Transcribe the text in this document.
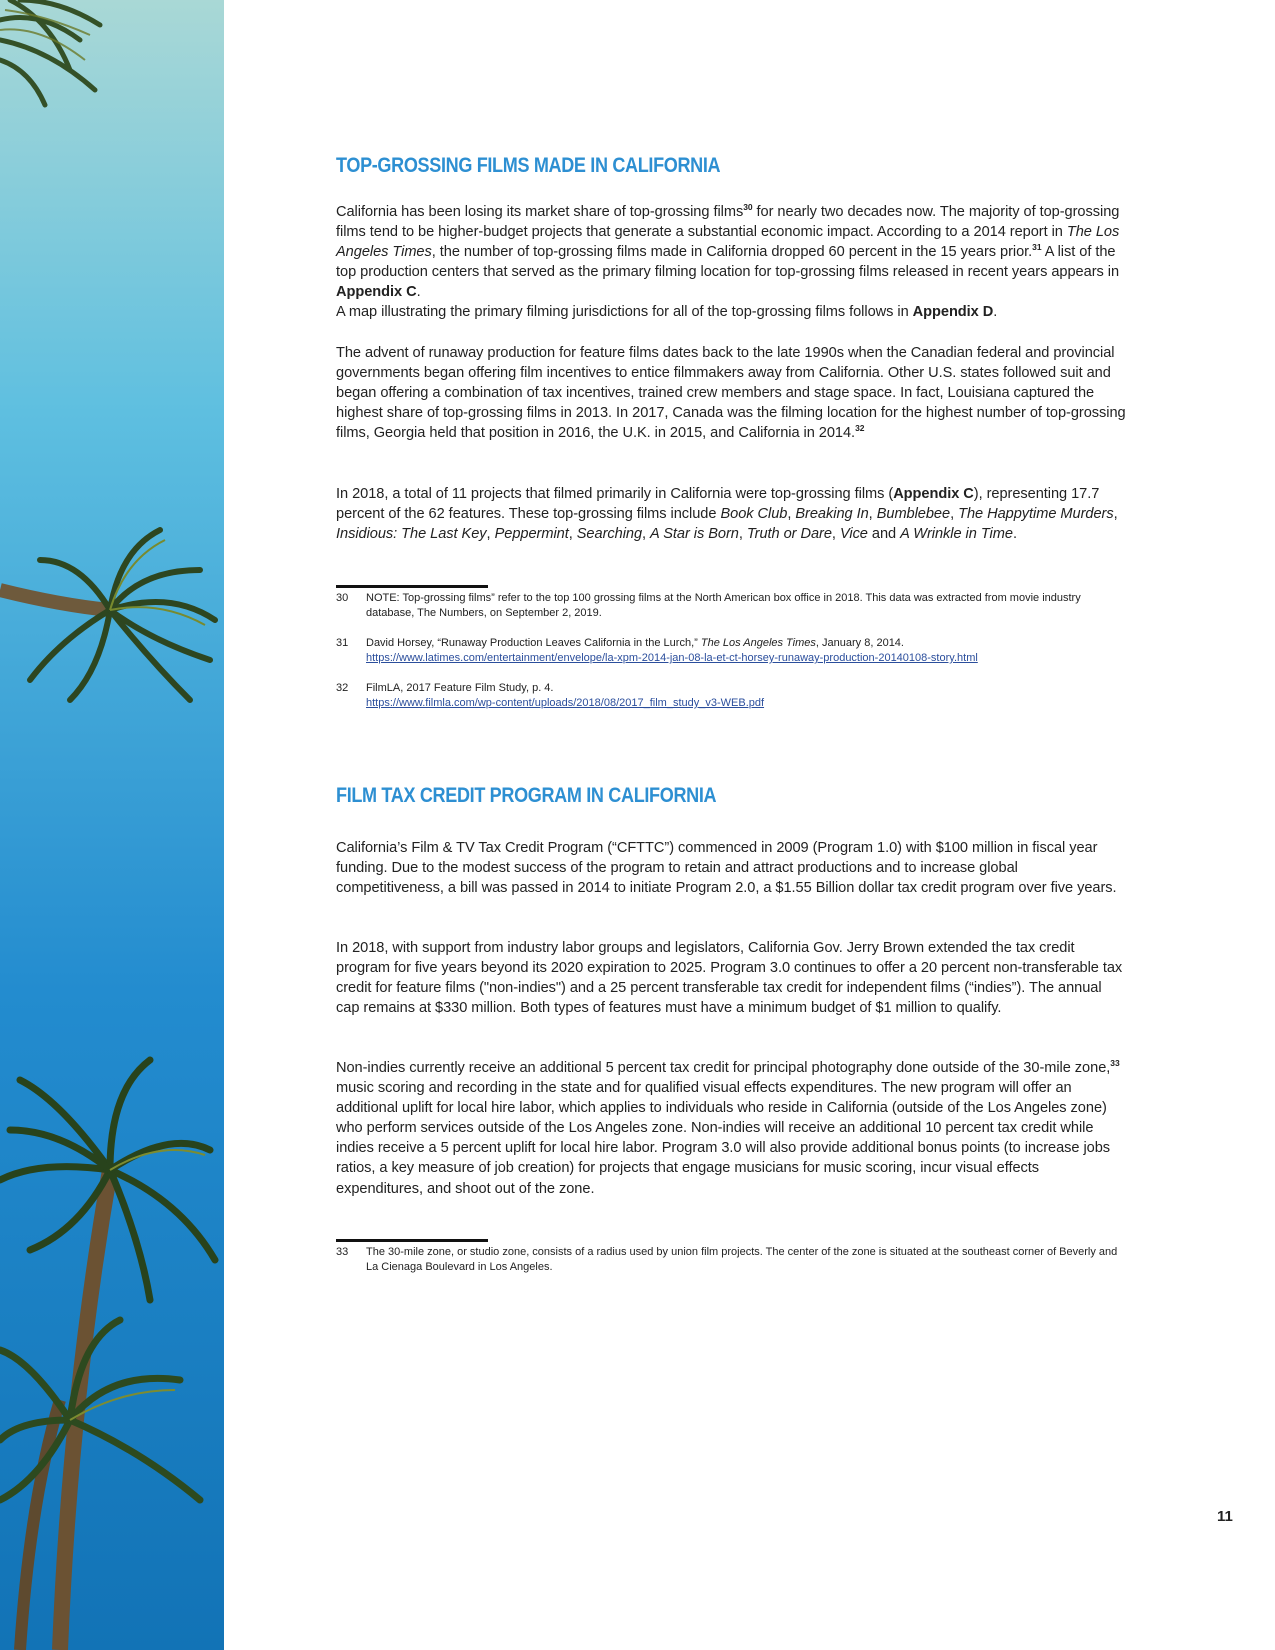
TOP-GROSSING FILMS MADE IN CALIFORNIA
California has been losing its market share of top-grossing films$^{30}$ for nearly two decades now. The majority of top-grossing films tend to be higher-budget projects that generate a substantial economic impact. According to a 2014 report in The Los Angeles Times, the number of top-grossing films made in California dropped 60 percent in the 15 years prior.$^{31}$ A list of the top production centers that served as the primary filming location for top-grossing films released in recent years appears in Appendix C.
A map illustrating the primary filming jurisdictions for all of the top-grossing films follows in Appendix D.
The advent of runaway production for feature films dates back to the late 1990s when the Canadian federal and provincial governments began offering film incentives to entice filmmakers away from California. Other U.S. states followed suit and began offering a combination of tax incentives, trained crew members and stage space. In fact, Louisiana captured the highest share of top-grossing films in 2013. In 2017, Canada was the filming location for the highest number of top-grossing films, Georgia held that position in 2016, the U.K. in 2015, and California in 2014.32
In 2018, a total of 11 projects that filmed primarily in California were top-grossing films (Appendix C), representing 17.7 percent of the 62 features. These top-grossing films include Book Club, Breaking In, Bumblebee, The Happytime Murders, Insidious: The Last Key, Peppermint, Searching, A Star is Born, Truth or Dare, Vice and A Wrinkle in Time.
30 NOTE: Top-grossing films” refer to the top 100 grossing films at the North American box office in 2018. This data was extracted from movie industry database, The Numbers, on September 2, 2019.
31 David Horsey, “Runaway Production Leaves California in the Lurch,” The Los Angeles Times, January 8, 2014.
https://www.latimes.com/entertainment/envelope/la-xpm-2014-jan-08-la-et-ct-horsey-runaway-production-20140108-story.html
32 FilmLA, 2017 Feature Film Study, p. 4.
https://www.filmla.com/wp-content/uploads/2018/08/2017_film_study_v3-WEB.pdf
FILM TAX CREDIT PROGRAM IN CALIFORNIA
California’s Film & TV Tax Credit Program (“CFTTC”) commenced in 2009 (Program 1.0) with $100 million in fiscal year funding. Due to the modest success of the program to retain and attract productions and to increase global competitiveness, a bill was passed in 2014 to initiate Program 2.0, a $1.55 Billion dollar tax credit program over five years.
In 2018, with support from industry labor groups and legislators, California Gov. Jerry Brown extended the tax credit program for five years beyond its 2020 expiration to 2025. Program 3.0 continues to offer a 20 percent non-transferable tax credit for feature films ("non-indies") and a 25 percent transferable tax credit for independent films (“indies”). The annual cap remains at $330 million. Both types of features must have a minimum budget of $1 million to qualify.
Non-indies currently receive an additional 5 percent tax credit for principal photography done outside of the 30-mile zone,$^{33}$ music scoring and recording in the state and for qualified visual effects expenditures. The new program will offer an additional uplift for local hire labor, which applies to individuals who reside in California (outside of the Los Angeles zone) who perform services outside of the Los Angeles zone. Non-indies will receive an additional 10 percent tax credit while indies receive a 5 percent uplift for local hire labor. Program 3.0 will also provide additional bonus points (to increase jobs ratios, a key measure of job creation) for projects that engage musicians for music scoring, incur visual effects expenditures, and shoot out of the zone.
33 The 30-mile zone, or studio zone, consists of a radius used by union film projects. The center of the zone is situated at the southeast corner of Beverly and La Cienaga Boulevard in Los Angeles.
11
